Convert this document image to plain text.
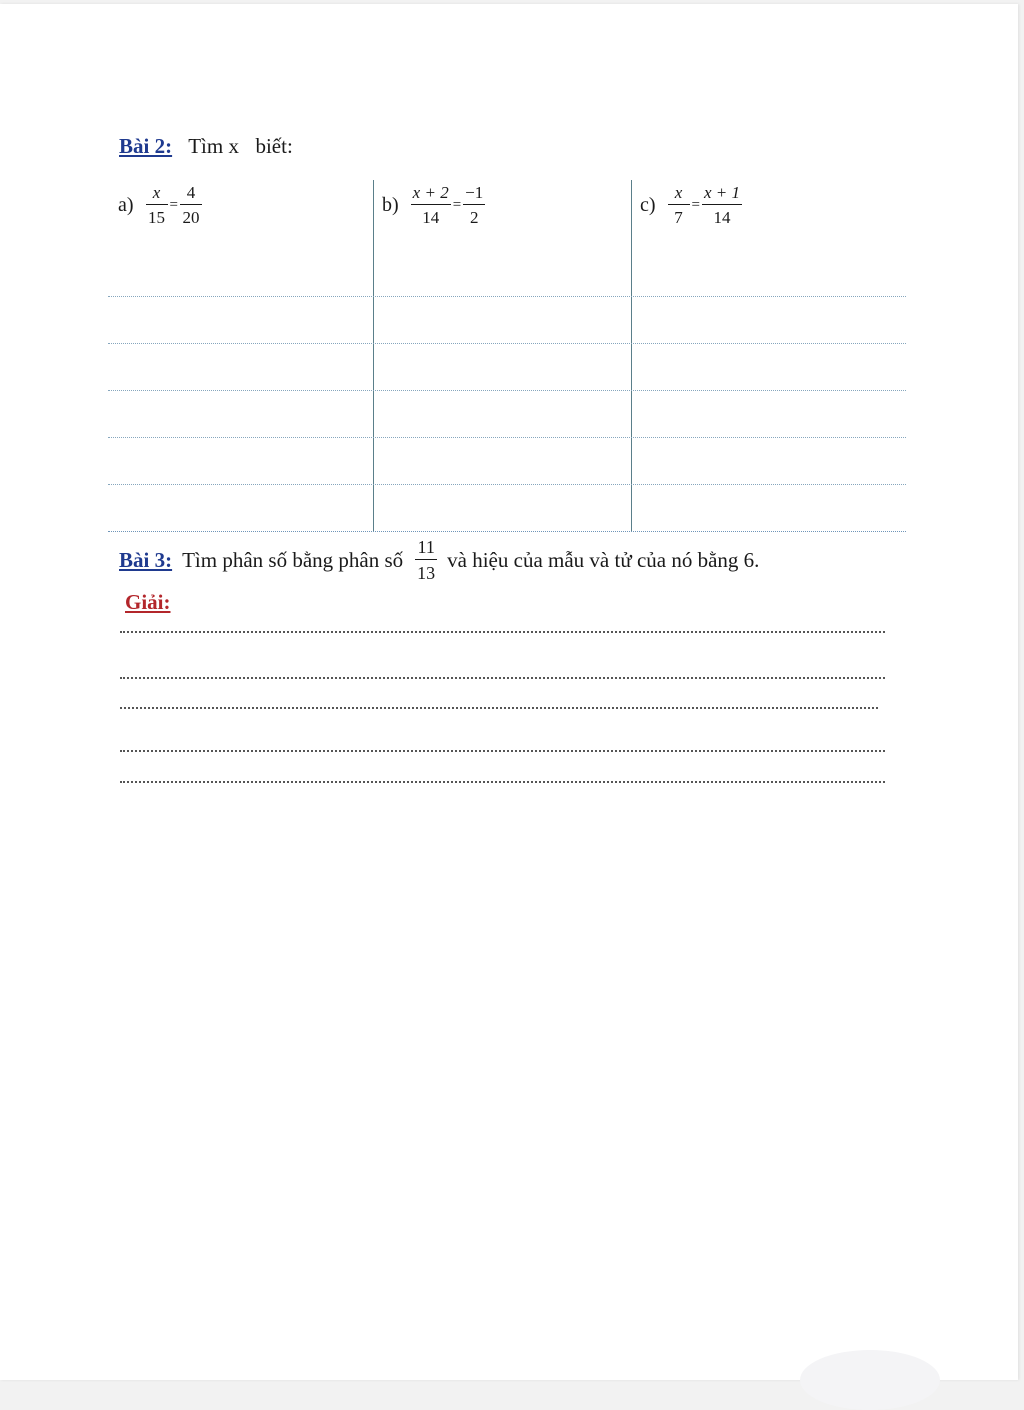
Bài 2: Tìm x biết:
$a) \frac{x}{15} = \frac{4}{20}$	$b) \frac{x + 2}{14} = \frac{-1}{2}$	$c) \frac{x}{7} = \frac{x + 1}{14}$
Bài 3: Tìm phân số bằng phân số $\frac{11}{13}$ và hiệu của mẫu và tử của nó bằng 6.
Giải:
